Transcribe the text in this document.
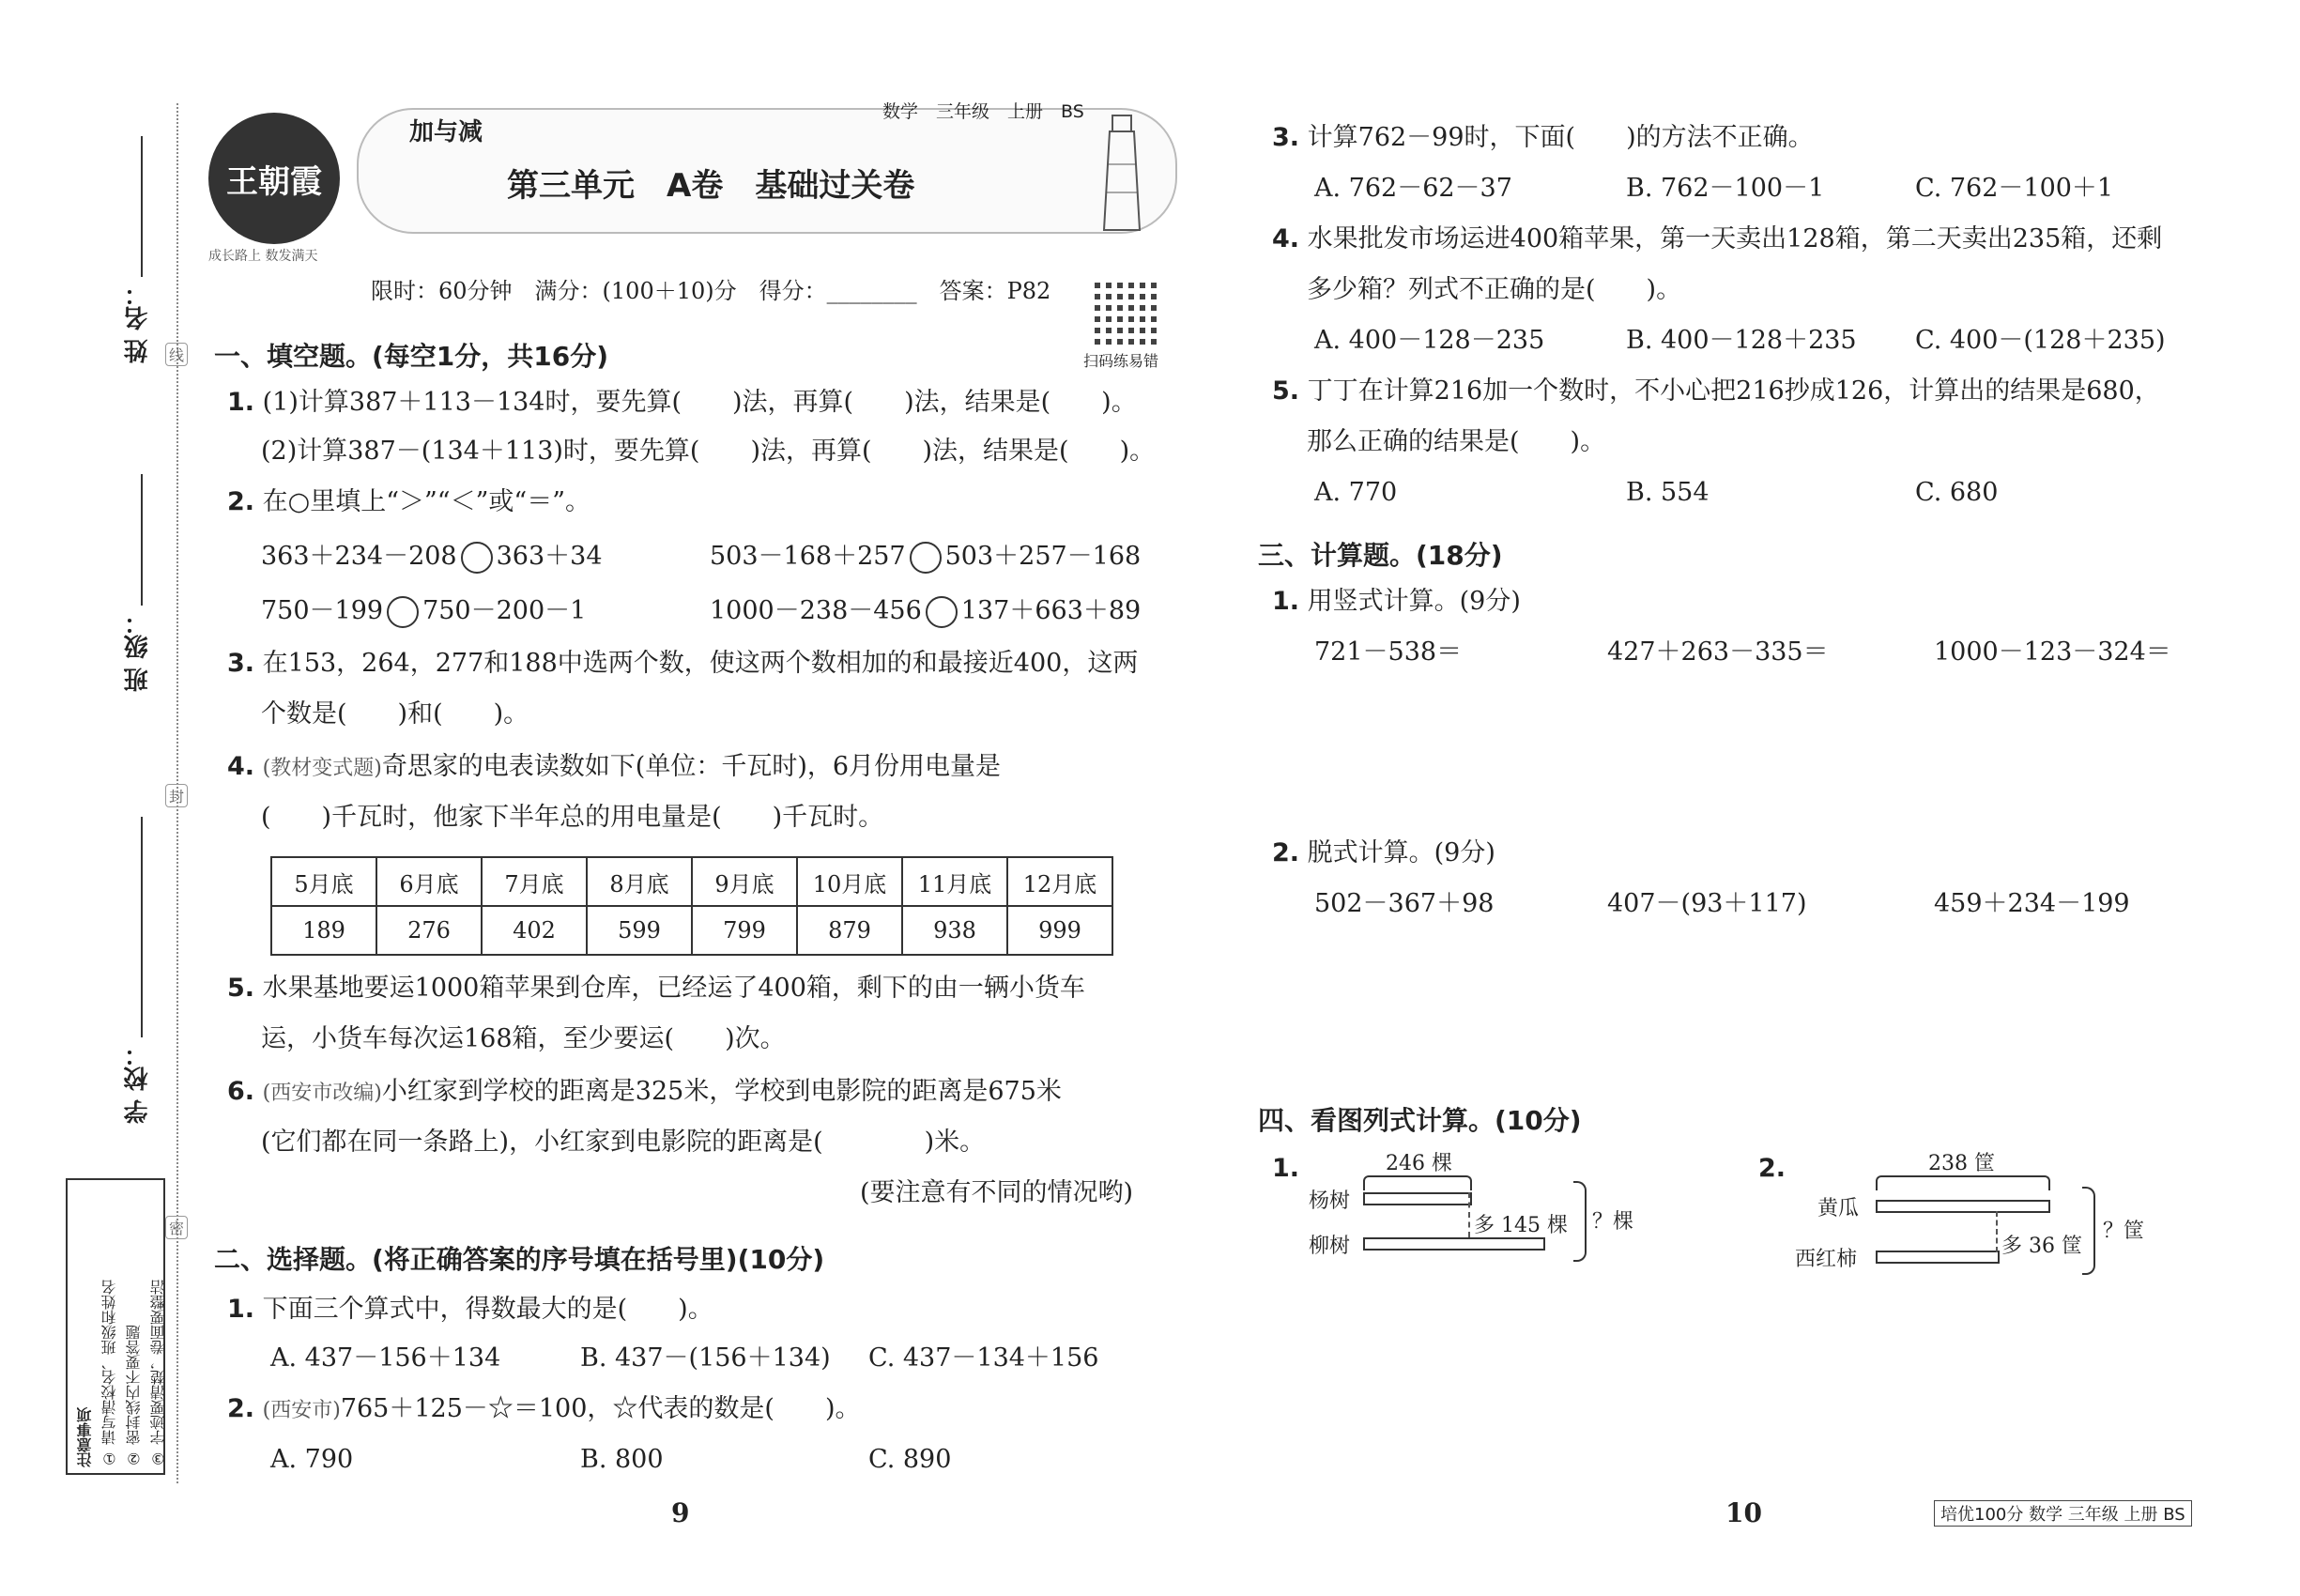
姓 名：
班 级：
学 校：
线
封
密
注意事项 ① 请写清校名、班级和姓名 ② 密封线内不要答题 ③ 字迹要清楚，卷面要整洁
王朝霞
成长路上 数发满天
加与减
数学　三年级　上册　BS
第三单元　A卷　基础过关卷
限时：60分钟　满分：(100＋10)分　得分：________　答案：P82
扫码练易错
一、填空题。(每空1分，共16分)
1. (1)计算387＋113－134时，要先算(　　)法，再算(　　)法，结果是(　　)。
(2)计算387－(134＋113)时，要先算(　　)法，再算(　　)法，结果是(　　)。
2. 在○里填上“＞”“＜”或“＝”。
363＋234－208 363＋34	503－168＋257 503＋257－168
750－199 750－200－1	1000－238－456 137＋663＋89
3. 在153，264，277和188中选两个数，使这两个数相加的和最接近400，这两
个数是(　　)和(　　)。
4. (教材变式题)奇思家的电表读数如下(单位：千瓦时)，6月份用电量是
(　　)千瓦时，他家下半年总的用电量是(　　)千瓦时。
5月底	6月底	7月底	8月底	9月底	10月底	11月底	12月底
189	276	402	599	799	879	938	999
5. 水果基地要运1000箱苹果到仓库，已经运了400箱，剩下的由一辆小货车
运，小货车每次运168箱，至少要运(　　)次。
6. (西安市改编)小红家到学校的距离是325米，学校到电影院的距离是675米
(它们都在同一条路上)，小红家到电影院的距离是(　　　　)米。
(要注意有不同的情况哟)
二、选择题。(将正确答案的序号填在括号里)(10分)
1. 下面三个算式中，得数最大的是(　　)。
A. 437－156＋134	B. 437－(156＋134) C. 437－134＋156
2. (西安市)765＋125－☆＝100，☆代表的数是(　　)。
A. 790	B. 800	C. 890
9
3. 计算762－99时，下面(　　)的方法不正确。
A. 762－62－37	B. 762－100－1	C. 762－100＋1
4. 水果批发市场运进400箱苹果，第一天卖出128箱，第二天卖出235箱，还剩
多少箱？列式不正确的是(　　)。
A. 400－128－235	B. 400－128＋235 C. 400－(128＋235)
5. 丁丁在计算216加一个数时，不小心把216抄成126，计算出的结果是680，
那么正确的结果是(　　)。
A. 770	B. 554	C. 680
三、计算题。(18分)
1. 用竖式计算。(9分)
721－538＝	427＋263－335＝	1000－123－324＝
2. 脱式计算。(9分)
502－367＋98	407－(93＋117)	459＋234－199
四、看图列式计算。(10分)
1.	246 棵
杨树
柳树
多 145 棵 ？棵
2.	238 筐
黄瓜
西红柿
多 36 筐
？筐
10	培优100分 数学 三年级 上册 BS
